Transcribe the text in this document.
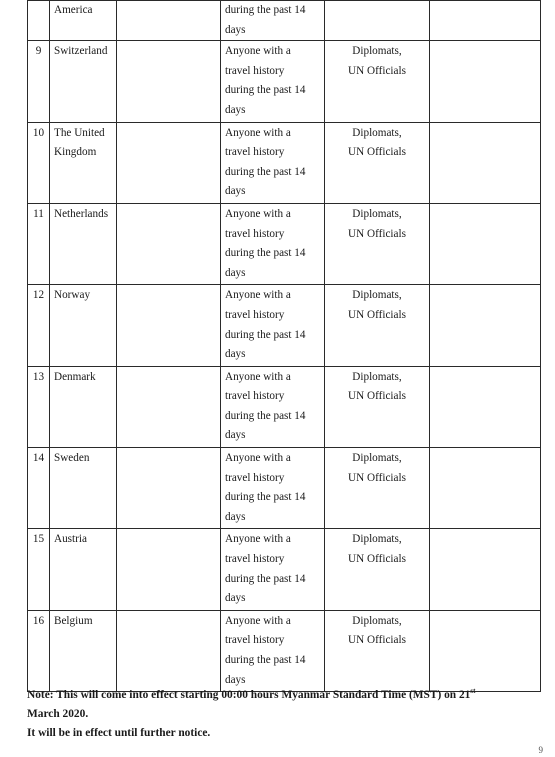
	America		during the past 14
days		
9	Switzerland		Anyone with a
travel history
during the past 14
days	Diplomats,
UN Officials	
10	The United
Kingdom		Anyone with a
travel history
during the past 14
days	Diplomats,
UN Officials	
11	Netherlands		Anyone with a
travel history
during the past 14
days	Diplomats,
UN Officials	
12	Norway		Anyone with a
travel history
during the past 14
days	Diplomats,
UN Officials	
13	Denmark		Anyone with a
travel history
during the past 14
days	Diplomats,
UN Officials	
14	Sweden		Anyone with a
travel history
during the past 14
days	Diplomats,
UN Officials	
15	Austria		Anyone with a
travel history
during the past 14
days	Diplomats,
UN Officials	
16	Belgium		Anyone with a
travel history
during the past 14
days	Diplomats,
UN Officials	

Note: This will come into effect starting 00:00 hours Myanmar Standard Time (MST) on 21st

March 2020.

It will be in effect until further notice.

9
